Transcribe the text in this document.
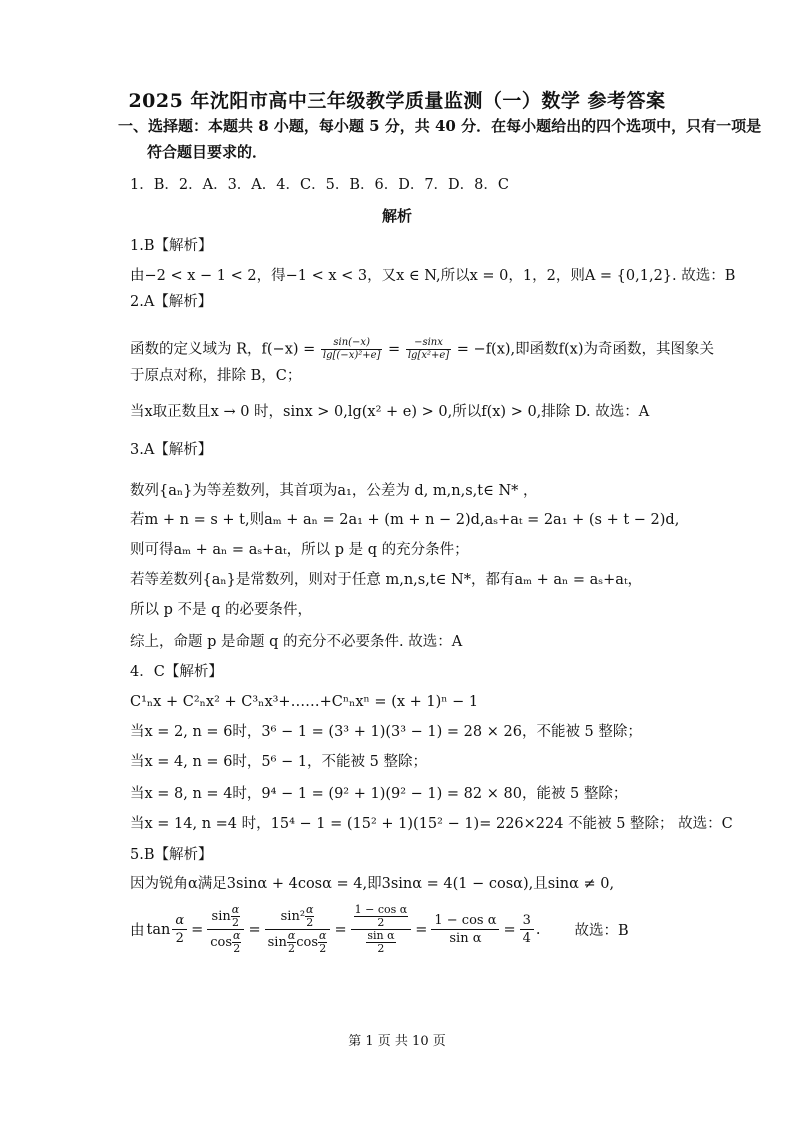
2025 年沈阳市高中三年级教学质量监测（一）数学 参考答案
一、选择题：本题共 8 小题，每小题 5 分，共 40 分．在每小题给出的四个选项中，只有一项是
符合题目要求的．
1．B．2．A．3．A．4．C．5．B．6．D．7．D．8．C
解析
1.B【解析】
由−2 < x − 1 < 2，得−1 < x < 3，又x ∈ N,所以x = 0，1，2，则A = {0,1,2}. 故选：B
2.A【解析】
函数的定义域为 R，$f(-x) = \frac{\sin(-x)}{\text{lg[(−x)²+e]}} = \frac{-\sin x}{\text{lg[x²+e]}} = -f(x)$,即函数f(x)为奇函数，其图象关
于原点对称，排除 B，C；
当x取正数且x → 0 时，sinx > 0,lg(x² + e) > 0,所以f(x) > 0,排除 D. 故选：A
3.A【解析】
数列{aₙ}为等差数列，其首项为a₁，公差为 d, m,n,s,t∈ N* ，
若m + n = s + t,则aₘ + aₙ = 2a₁ + (m + n − 2)d,aₛ+aₜ = 2a₁ + (s + t − 2)d,
则可得aₘ + aₙ = aₛ+aₜ，所以 p 是 q 的充分条件；
若等差数列{aₙ}是常数列，则对于任意 m,n,s,t∈ N*，都有aₘ + aₙ = aₛ+aₜ，
所以 p 不是 q 的必要条件，
综上，命题 p 是命题 q 的充分不必要条件. 故选：A
4．C【解析】
C¹ₙx + C²ₙx² + C³ₙx³+……+Cⁿₙxⁿ = (x + 1)ⁿ − 1
当x = 2, n = 6时，3⁶ − 1 = (3³ + 1)(3³ − 1) = 28 × 26，不能被 5 整除；
当x = 4, n = 6时，5⁶ − 1，不能被 5 整除；
当x = 8, n = 4时，9⁴ − 1 = (9² + 1)(9² − 1) = 82 × 80，能被 5 整除；
当x = 14, n =4 时，15⁴ − 1 = (15² + 1)(15² − 1)= 226×224 不能被 5 整除； 故选：C
5.B【解析】
因为锐角α满足3sinα + 4cosα = 4,即3sinα = 4(1 − cosα),且sinα ≠ 0,
由 $\tan \frac{\alpha}{2} = \frac{\sin \frac{\alpha}{2}}{\cos \frac{\alpha}{2}} = \frac{\sin^2 \frac{\alpha}{2}}{\sin \frac{\alpha}{2} \cos \frac{\alpha}{2}} = \frac{\frac{\text{1 − cos α}}{2}}{\frac{\text{sin α}}{2}} = \frac{\text{1 − cos α}}{\text{sin α}} = \frac{3}{4}$ . 故选：B
第 1 页 共 10 页
